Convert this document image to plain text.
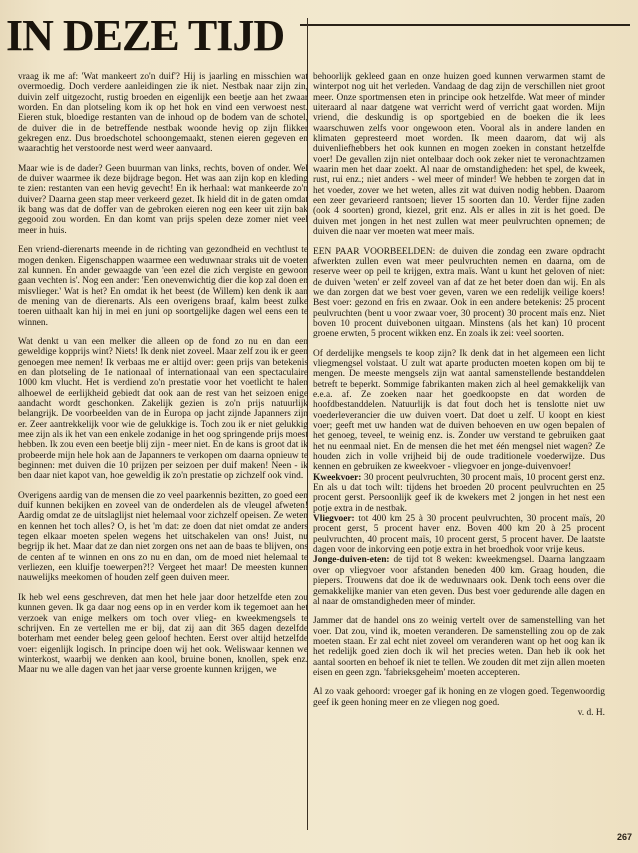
IN DEZE TIJD

vraag ik me af: 'Wat mankeert zo'n duif'? Hij is jaarling en misschien wat overmoedig. Doch verdere aanleidingen zie ik niet. Nestbak naar zijn zin, duivin zelf uitgezocht, rustig broeden en eigenlijk een beetje aan het zwaar worden. En dan plotseling kom ik op het hok en vind een verwoest nest. Eieren stuk, bloedige restanten van de inhoud op de bodem van de schotel, de duiver die in de betreffende nestbak woonde hevig op zijn flikker gekregen enz. Dus broedschotel schoongemaakt, stenen eieren gegeven en waarachtig het verstoorde nest werd weer aanvaard.

Maar wie is de dader? Geen buurman van links, rechts, boven of onder. Wel de duiver waarmee ik deze bijdrage begon. Het was aan zijn kop en kleding te zien: restanten van een hevig gevecht! En ik herhaal: wat mankeerde zo'n duiver? Daarna geen stap meer verkeerd gezet. Ik hield dit in de gaten omdat ik bang was dat de doffer van de gebroken eieren nog een keer uit zijn bak gegooid zou worden. En dan komt van prijs spelen deze zomer niet veel meer in huis.

Een vriend-dierenarts meende in de richting van gezondheid en vechtlust te mogen denken. Eigenschappen waarmee een weduwnaar straks uit de voeten zal kunnen. En ander gewaagde van 'een ezel die zich vergiste en gewoon gaan vechten is'. Nog een ander: 'Een onevenwichtig dier die kop zal doen en misvlieger.' Wat is het? En omdat ik het beest (de Willem) ken denk ik aan de mening van de dierenarts. Als een overigens braaf, kalm beest zulke toeren uithaalt kan hij in mei en juni op soortgelijke dagen wel eens een te winnen.

Wat denkt u van een melker die alleen op de fond zo nu en dan een geweldige kopprijs wint? Niets! Ik denk niet zoveel. Maar zelf zou ik er geen genoegen mee nemen! Ik verbaas me er altijd over: geen prijs van betekenis en dan plotseling de 1e nationaal of internationaal van een spectaculaire 1000 km vlucht. Het is verdiend zo'n prestatie voor het voetlicht te halen alhoewel de eerlijkheid gebiedt dat ook aan de rest van het seizoen enige aandacht wordt geschonken. Zakelijk gezien is zo'n prijs natuurlijk belangrijk. De voorbeelden van de in Europa op jacht zijnde Japanners zijn er. Zeer aantrekkelijk voor wie de gelukkige is. Toch zou ik er niet gelukkig mee zijn als ik het van een enkele zodanige in het oog springende prijs moest hebben. Ik zou even een beetje blij zijn - meer niet. En de kans is groot dat ik probeerde mijn hele hok aan de Japanners te verkopen om daarna opnieuw te beginnen: met duiven die 10 prijzen per seizoen per duif maken! Neen - ik ben daar niet kapot van, hoe geweldig ik zo'n prestatie op zichzelf ook vind.

Overigens aardig van de mensen die zo veel paarkennis bezitten, zo goed een duif kunnen bekijken en zoveel van de onderdelen als de vleugel afweten! Aardig omdat ze de uitslaglijst niet helemaal voor zichzelf opeisen. Ze weten en kennen het toch alles? O, is het 'm dat: ze doen dat niet omdat ze anders tegen elkaar moeten spelen wegens het uitschakelen van ons! Juist, nu begrijp ik het. Maar dat ze dan niet zorgen ons net aan de baas te blijven, ons de centen af te winnen en ons zo nu en dan, om de moed niet helemaal te verliezen, een kluifje toewerpen?!? Vergeet het maar! De meesten kunnen nauwelijks meekomen of houden zelf geen duiven meer.

Ik heb wel eens geschreven, dat men het hele jaar door hetzelfde eten zou kunnen geven. Ik ga daar nog eens op in en verder kom ik tegemoet aan het verzoek van enige melkers om toch over vlieg- en kweekmengsels te schrijven. En ze vertellen me er bij, dat zij aan dit 365 dagen dezelfde boterham met eender beleg geen geloof hechten. Eerst over altijd hetzelfde voer: eigenlijk logisch. In principe doen wij het ook. Weliswaar kennen we winterkost, waarbij we denken aan kool, bruine bonen, knollen, spek enz. Maar nu we alle dagen van het jaar verse groente kunnen krijgen, we

behoorlijk gekleed gaan en onze huizen goed kunnen verwarmen stamt de winterpot nog uit het verleden. Vandaag de dag zijn de verschillen niet groot meer. Onze sportmensen eten in principe ook hetzelfde. Wat meer of minder uiteraard al naar datgene wat verricht werd of verricht gaat worden. Mijn vriend, die deskundig is op sportgebied en de boeken die ik lees waarschuwen zelfs voor ongewoon eten. Vooral als in andere landen en klimaten gepresteerd moet worden. Ik meen daarom, dat wij als duivenliefhebbers het ook kunnen en mogen zoeken in constant hetzelfde voer! De gevallen zijn niet ontelbaar doch ook zeker niet te veronachtzamen waarin men het daar zoekt. Al naar de omstandigheden: het spel, de kweek, rust, rui enz.; niet anders - wel meer of minder! We hebben te zorgen dat in het voeder, zover we het weten, alles zit wat duiven nodig hebben. Daarom een zeer gevarieerd rantsoen; liever 15 soorten dan 10. Verder fijne zaden (ook 4 soorten) grond, kiezel, grit enz. Als er alles in zit is het goed. De duiven met jongen in het nest zullen wat meer peulvruchten opnemen; de duiven die naar ver moeten wat meer maïs.

EEN PAAR VOORBEELDEN: de duiven die zondag een zware opdracht afwerkten zullen even wat meer peulvruchten nemen en daarna, om de reserve weer op peil te krijgen, extra maïs. Want u kunt het geloven of niet: de duiven 'weten' er zelf zoveel van af dat ze het beter doen dan wij. En als we dan zorgen dat we best voer geven, varen we een redelijk veilige koers! Best voer: gezond en fris en zwaar. Ook in een andere betekenis: 25 procent peulvruchten (bent u voor zwaar voer, 30 procent) 30 procent maïs enz. Niet boven 10 procent duivebonen uitgaan. Minstens (als het kan) 10 procent groene erwten, 5 procent wikken enz. En zoals ik zei: veel soorten.

Of derdelijke mengsels te koop zijn? Ik denk dat in het algemeen een licht vliegmengsel volstaat. U zult wat aparte producten moeten kopen om bij te mengen. De meeste mengsels zijn wat aantal samenstellende bestanddelen betreft te beperkt. Sommige fabrikanten maken zich al heel gemakkelijk van e.e.a. af. Ze zoeken naar het goedkoopste en dat worden de hoofdbestanddelen. Natuurlijk is dat fout doch het is tenslotte niet uw voederleverancier die uw duiven voert. Dat doet u zelf. U koopt en kiest voer; geeft met uw handen wat de duiven behoeven en uw ogen bepalen of het genoeg, teveel, te weinig enz. is. Zonder uw verstand te gebruiken gaat het nu eenmaal niet. En de mensen die het met één mengsel niet wagen? Ze houden zich in volle vrijheid bij de oude traditionele voederwijze. Dus kennen en gebruiken ze kweekvoer - vliegvoer en jonge-duivenvoer!

Kweekvoer: 30 procent peulvruchten, 30 procent maïs, 10 procent gerst enz. En als u dat toch wilt: tijdens het broeden 20 procent peulvruchten en 25 procent gerst. Persoonlijk geef ik de kwekers met 2 jongen in het nest een potje extra in de nestbak.

Vliegvoer: tot 400 km 25 à 30 procent peulvruchten, 30 procent maïs, 20 procent gerst, 5 procent haver enz. Boven 400 km 20 à 25 procent peulvruchten, 40 procent maïs, 10 procent gerst, 5 procent haver. De laatste dagen voor de inkorving een potje extra in het broedhok voor vrije keus.

Jonge-duiven-eten: de tijd tot 8 weken: kweekmengsel. Daarna langzaam over op vliegvoer voor afstanden beneden 400 km. Graag houden, die piepers. Trouwens dat doe ik de weduwnaars ook. Denk toch eens over die gemakkelijke manier van eten geven. Dus best voer gedurende alle dagen en al naar de omstandigheden meer of minder.

Jammer dat de handel ons zo weinig vertelt over de samenstelling van het voer. Dat zou, vind ik, moeten veranderen. De samenstelling zou op de zak moeten staan. Er zal echt niet zoveel om veranderen want op het oog kan ik het redelijk goed zien doch ik wil het precies weten. Dan heb ik ook het aantal soorten en behoef ik niet te tellen. We zouden dit met zijn allen moeten eisen en geen zgn. 'fabrieksgeheim' moeten accepteren.

Al zo vaak gehoord: vroeger gaf ik honing en ze vlogen goed. Tegenwoordig geef ik geen honing meer en ze vliegen nog goed.

v. d. H.

267
